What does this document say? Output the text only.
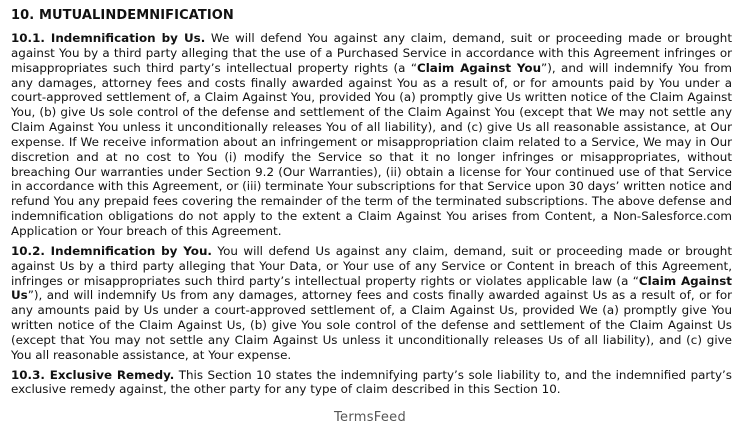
10. MUTUALINDEMNIFICATION

10.1. Indemnification by Us. We will defend You against any claim, demand, suit or proceeding made or brought against You by a third party alleging that the use of a Purchased Service in accordance with this Agreement infringes or misappropriates such third party’s intellectual property rights (a “Claim Against You”), and will indemnify You from any damages, attorney fees and costs finally awarded against You as a result of, or for amounts paid by You under a court-approved settlement of, a Claim Against You, provided You (a) promptly give Us written notice of the Claim Against You, (b) give Us sole control of the defense and settlement of the Claim Against You (except that We may not settle any Claim Against You unless it unconditionally releases You of all liability), and (c) give Us all reasonable assistance, at Our expense. If We receive information about an infringement or misappropriation claim related to a Service, We may in Our discretion and at no cost to You (i) modify the Service so that it no longer infringes or misappropriates, without breaching Our warranties under Section 9.2 (Our Warranties), (ii) obtain a license for Your continued use of that Service in accordance with this Agreement, or (iii) terminate Your subscriptions for that Service upon 30 days’ written notice and refund You any prepaid fees covering the remainder of the term of the terminated subscriptions. The above defense and indemnification obligations do not apply to the extent a Claim Against You arises from Content, a Non-Salesforce.com Application or Your breach of this Agreement.

10.2. Indemnification by You. You will defend Us against any claim, demand, suit or proceeding made or brought against Us by a third party alleging that Your Data, or Your use of any Service or Content in breach of this Agreement, infringes or misappropriates such third party’s intellectual property rights or violates applicable law (a “Claim Against Us”), and will indemnify Us from any damages, attorney fees and costs finally awarded against Us as a result of, or for any amounts paid by Us under a court-approved settlement of, a Claim Against Us, provided We (a) promptly give You written notice of the Claim Against Us, (b) give You sole control of the defense and settlement of the Claim Against Us (except that You may not settle any Claim Against Us unless it unconditionally releases Us of all liability), and (c) give You all reasonable assistance, at Your expense.

10.3. Exclusive Remedy. This Section 10 states the indemnifying party’s sole liability to, and the indemnified party’s exclusive remedy against, the other party for any type of claim described in this Section 10.

TermsFeed
